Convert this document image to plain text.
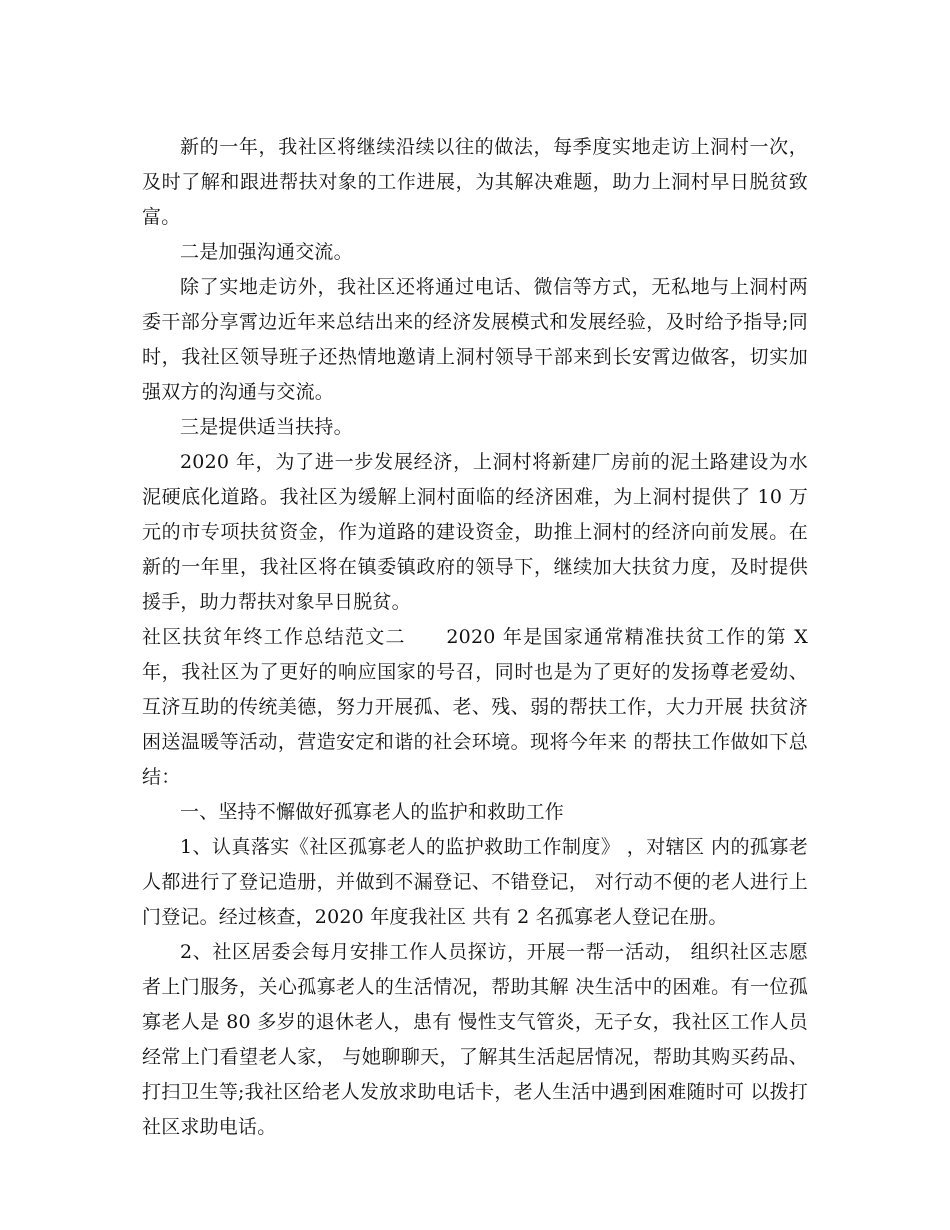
新的一年，我社区将继续沿续以往的做法，每季度实地走访上洞村一次，及时了解和跟进帮扶对象的工作进展，为其解决难题，助力上洞村早日脱贫致富。

二是加强沟通交流。

除了实地走访外，我社区还将通过电话、微信等方式，无私地与上洞村两委干部分享霄边近年来总结出来的经济发展模式和发展经验，及时给予指导;同时，我社区领导班子还热情地邀请上洞村领导干部来到长安霄边做客，切实加强双方的沟通与交流。

三是提供适当扶持。

2020 年，为了进一步发展经济，上洞村将新建厂房前的泥土路建设为水泥硬底化道路。我社区为缓解上洞村面临的经济困难，为上洞村提供了 10 万元的市专项扶贫资金，作为道路的建设资金，助推上洞村的经济向前发展。在新的一年里，我社区将在镇委镇政府的领导下，继续加大扶贫力度，及时提供援手，助力帮扶对象早日脱贫。

社区扶贫年终工作总结范文二　　2020 年是国家通常精准扶贫工作的第 X 年，我社区为了更好的响应国家的号召，同时也是为了更好的发扬尊老爱幼、互济互助的传统美德，努力开展孤、老、残、弱的帮扶工作，大力开展 扶贫济困送温暖等活动，营造安定和谐的社会环境。现将今年来 的帮扶工作做如下总结：

一、坚持不懈做好孤寡老人的监护和救助工作

1、认真落实《社区孤寡老人的监护救助工作制度》 ，对辖区 内的孤寡老人都进行了登记造册，并做到不漏登记、不错登记， 对行动不便的老人进行上门登记。经过核查，2020 年度我社区 共有 2 名孤寡老人登记在册。

2、社区居委会每月安排工作人员探访，开展一帮一活动， 组织社区志愿者上门服务，关心孤寡老人的生活情况，帮助其解 决生活中的困难。有一位孤寡老人是 80 多岁的退休老人，患有 慢性支气管炎，无子女，我社区工作人员经常上门看望老人家， 与她聊聊天，了解其生活起居情况，帮助其购买药品、打扫卫生等;我社区给老人发放求助电话卡，老人生活中遇到困难随时可 以拨打社区求助电话。
